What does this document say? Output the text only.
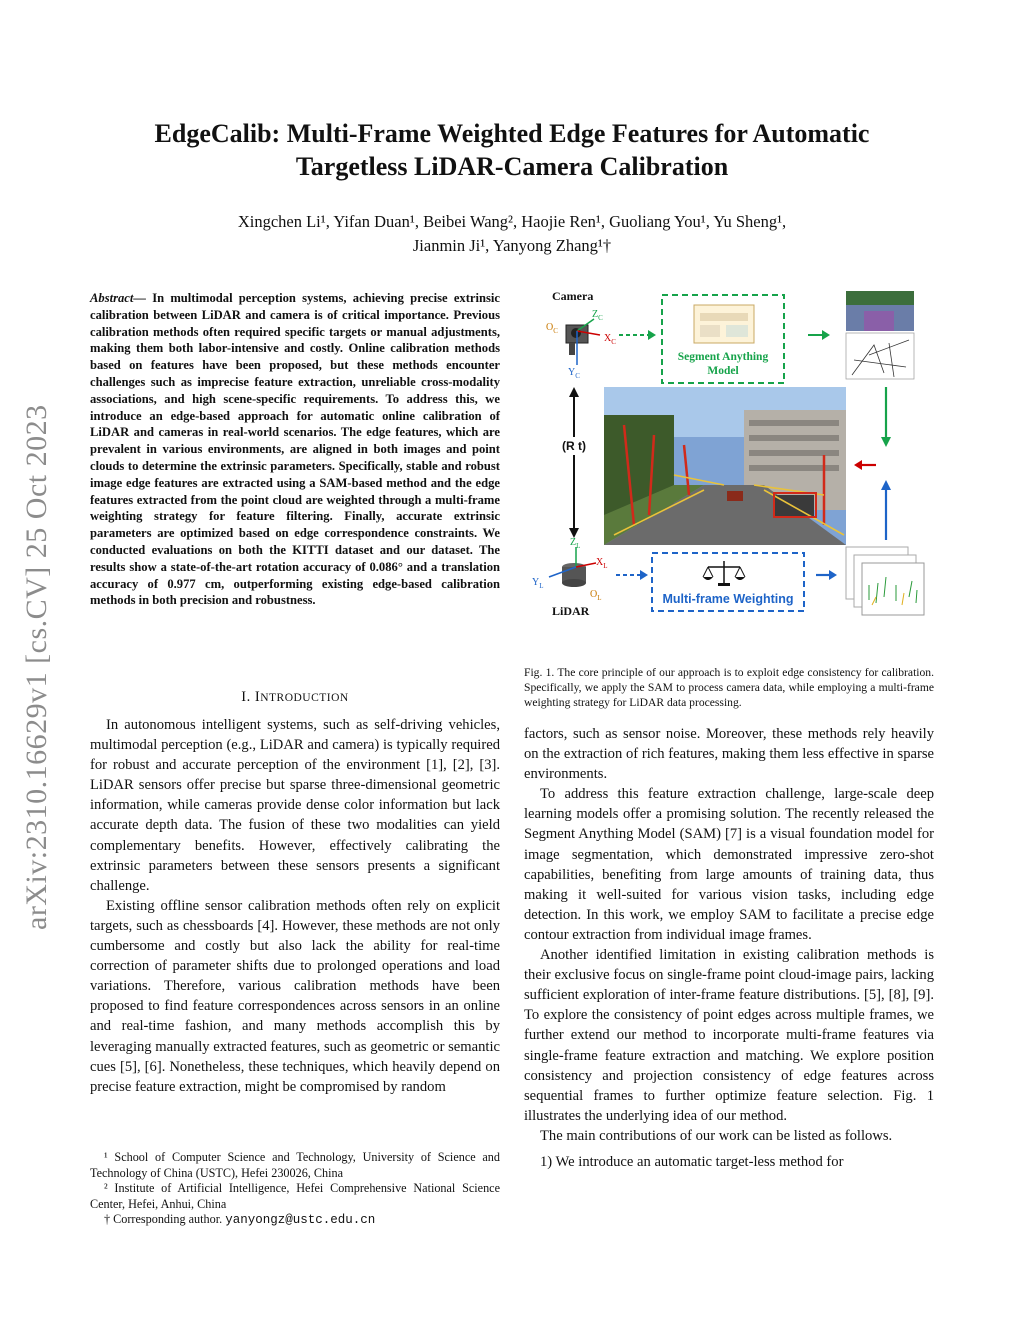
arXiv:2310.16629v1 [cs.CV] 25 Oct 2023
EdgeCalib: Multi-Frame Weighted Edge Features for Automatic
Targetless LiDAR-Camera Calibration
Xingchen Li¹, Yifan Duan¹, Beibei Wang², Haojie Ren¹, Guoliang You¹, Yu Sheng¹,
Jianmin Ji¹, Yanyong Zhang¹†
Abstract— In multimodal perception systems, achieving precise extrinsic calibration between LiDAR and camera is of critical importance. Previous calibration methods often required specific targets or manual adjustments, making them both labor-intensive and costly. Online calibration methods based on features have been proposed, but these methods encounter challenges such as imprecise feature extraction, unreliable cross-modality associations, and high scene-specific requirements. To address this, we introduce an edge-based approach for automatic online calibration of LiDAR and cameras in real-world scenarios. The edge features, which are prevalent in various environments, are aligned in both images and point clouds to determine the extrinsic parameters. Specifically, stable and robust image edge features are extracted using a SAM-based method and the edge features extracted from the point cloud are weighted through a multi-frame weighting strategy for feature filtering. Finally, accurate extrinsic parameters are optimized based on edge correspondence constraints. We conducted evaluations on both the KITTI dataset and our dataset. The results show a state-of-the-art rotation accuracy of 0.086° and a translation accuracy of 0.977 cm, outperforming existing edge-based calibration methods in both precision and robustness.
I. INTRODUCTION

In autonomous intelligent systems, such as self-driving vehicles, multimodal perception (e.g., LiDAR and camera) is typically required for robust and accurate perception of the environment [1], [2], [3]. LiDAR sensors offer precise but sparse three-dimensional geometric information, while cameras provide dense color information but lack accurate depth data. The fusion of these two modalities can yield complementary benefits. However, effectively calibrating the extrinsic parameters between these sensors presents a significant challenge.

Existing offline sensor calibration methods often rely on explicit targets, such as chessboards [4]. However, these methods are not only cumbersome and costly but also lack the ability for real-time correction of parameter shifts due to prolonged operations and load variations. Therefore, various calibration methods have been proposed to find feature correspondences across sensors in an online and real-time fashion, and many methods accomplish this by leveraging manually extracted features, such as geometric or semantic cues [5], [6]. Nonetheless, these techniques, which heavily depend on precise feature extraction, might be compromised by random

¹ School of Computer Science and Technology, University of Science and Technology of China (USTC), Hefei 230026, China
² Institute of Artificial Intelligence, Hefei Comprehensive National Science Center, Hefei, Anhui, China
† Corresponding author. yanyongz@ustc.edu.cn
Camera
$O_C$
$Z_C$
$X_C$
$Y_C$
Segment Anything
Model
(R t)
$Z_L$
$X_L$
$Y_L$
$O_L$
LiDAR
Multi-frame Weighting
Fig. 1. The core principle of our approach is to exploit edge consistency for calibration. Specifically, we apply the SAM to process camera data, while employing a multi-frame weighting strategy for LiDAR data processing.
factors, such as sensor noise. Moreover, these methods rely heavily on the extraction of rich features, making them less effective in sparse environments.

To address this feature extraction challenge, large-scale deep learning models offer a promising solution. The recently released the Segment Anything Model (SAM) [7] is a visual foundation model for image segmentation, which demonstrated impressive zero-shot capabilities, benefiting from large amounts of training data, thus making it well-suited for various vision tasks, including edge detection. In this work, we employ SAM to facilitate a precise edge contour extraction from individual image frames.

Another identified limitation in existing calibration methods is their exclusive focus on single-frame point cloud-image pairs, lacking sufficient exploration of inter-frame feature distributions. [5], [8], [9]. To explore the consistency of point edges across multiple frames, we further extend our method to incorporate multi-frame features via single-frame feature extraction and matching. We explore position consistency and projection consistency of edge features across sequential frames to further optimize feature selection. Fig. 1 illustrates the underlying idea of our method.

The main contributions of our work can be listed as follows.

1) We introduce an automatic target-less method for
